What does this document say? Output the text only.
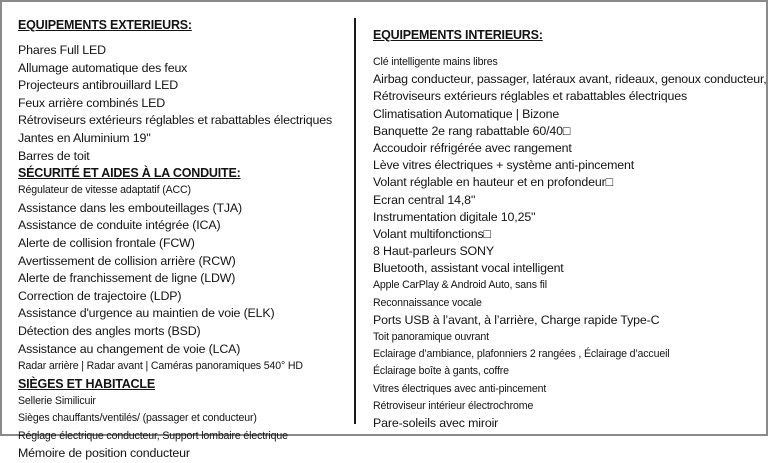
EQUIPEMENTS EXTERIEURS:
Phares Full LED
Allumage automatique des feux
Projecteurs antibrouillard LED
Feux arrière combinés LED
Rétroviseurs extérieurs réglables et rabattables électriques
Jantes en Aluminium 19''
Barres de toit
SÉCURITÉ ET AIDES À LA CONDUITE:
Régulateur de vitesse adaptatif (ACC)
Assistance dans les embouteillages (TJA)
Assistance de conduite intégrée (ICA)
Alerte de collision frontale (FCW)
Avertissement de collision arrière (RCW)
Alerte de franchissement de ligne (LDW)
Correction de trajectoire (LDP)
Assistance d'urgence au maintien de voie (ELK)
Détection des angles morts (BSD)
Assistance au changement de voie (LCA)
Radar arrière | Radar avant | Caméras panoramiques 540° HD
SIÈGES ET HABITACLE
Sellerie Similicuir
Sièges chauffants/ventilés/ (passager et conducteur)
Réglage électrique conducteur, Support lombaire électrique
Mémoire de position conducteur
EQUIPEMENTS INTERIEURS:
Clé intelligente mains libres
Airbag conducteur, passager, latéraux avant, rideaux, genoux conducteur,
Rétroviseurs extérieurs réglables et rabattables électriques
Climatisation Automatique | Bizone
Banquette 2e rang rabattable 60/40□
Accoudoir réfrigérée avec rangement
Lève vitres électriques + système anti-pincement
Volant réglable en hauteur et en profondeur□
Ecran central 14,8''
Instrumentation digitale 10,25''
Volant multifonctions□
8 Haut-parleurs SONY
Bluetooth, assistant vocal intelligent
Apple CarPlay & Android Auto, sans fil
Reconnaissance vocale
Ports USB à l’avant, à l’arrière, Charge rapide Type-C
Toit panoramique ouvrant
Eclairage d’ambiance, plafonniers 2 rangées , Éclairage d’accueil
Éclairage boîte à gants, coffre
Vitres électriques avec anti-pincement
Rétroviseur intérieur électrochrome
Pare-soleils avec miroir
